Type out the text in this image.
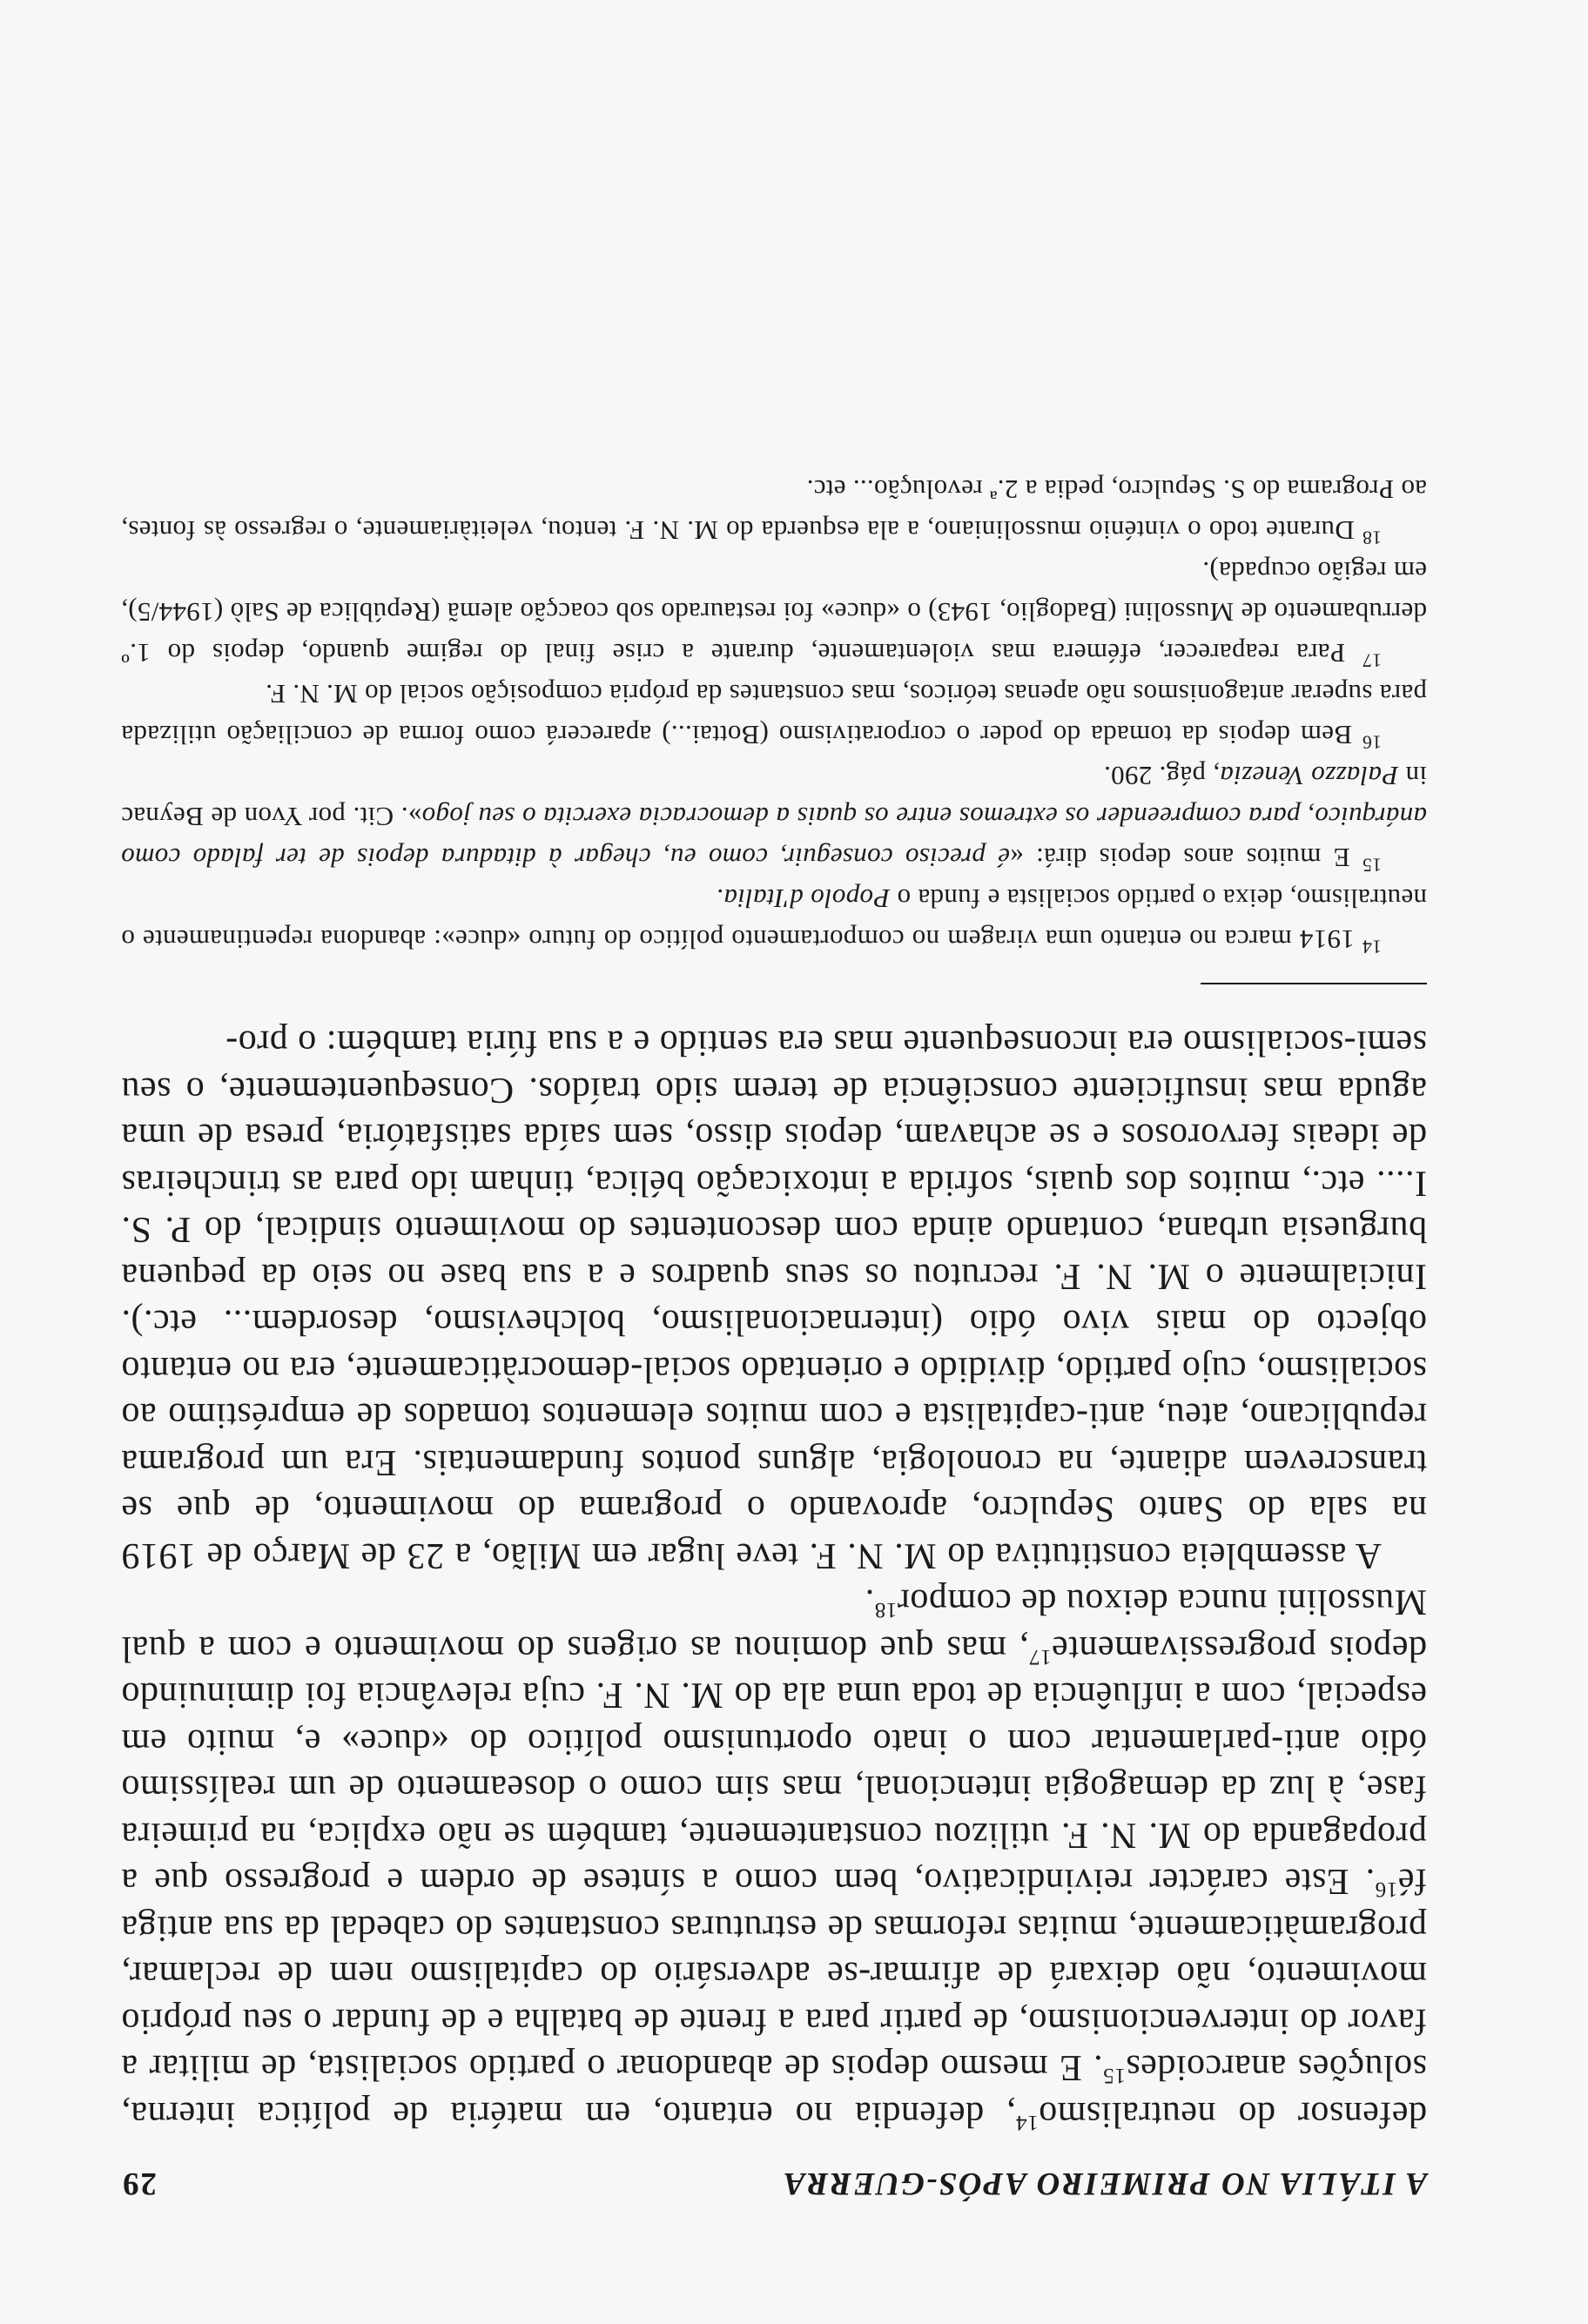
A ITÁLIA NO PRIMEIRO APÓS-GUERRA
29

defensor do neutralismo$^{14}$, defendia no entanto, em matéria de política interna, soluções anarcoides$^{15}$. E mesmo depois de abandonar o partido socialista, de militar a favor do intervencionismo, de partir para a frente de batalha e de fundar o seu próprio movimento, não deixará de afirmar-se adversário do capitalismo nem de reclamar, programàticamente, muitas reformas de estruturas constantes do cabedal da sua antiga $fé^{16}$. Este carácter reivindicativo, bem como a síntese de ordem e progresso que a propaganda do M. N. F. utilizou constantemente, também se não explica, na primeira fase, à luz da demagogia intencional, mas sim como o doseamento de um realíssimo ódio anti-parlamentar com o inato oportunismo político do «duce» e, muito em especial, com a influência de toda uma ala do M. N. F. cuja relevância foi diminuindo depois progressivamente$^{17}$, mas que dominou as origens do movimento e com a qual Mussolini nunca deixou de compor$^{18}$.

A assembleia constitutiva do M. N. F. teve lugar em Milão, a 23 de Março de 1919 na sala do Santo Sepulcro, aprovando o programa do movimento, de que se transcrevem adiante, na cronologia, alguns pontos fundamentais. Era um programa republicano, ateu, anti-capitalista e com muitos elementos tomados de empréstimo ao socialismo, cujo partido, dividido e orientado social-democràticamente, era no entanto objecto do mais vivo ódio (internacionalismo, bolchevismo, desordem... etc.). Inicialmente o M. N. F. recrutou os seus quadros e a sua base no seio da pequena burguesia urbana, contando ainda com descontentes do movimento sindical, do P. S. I.... etc., muitos dos quais, sofrida a intoxicação bélica, tinham ido para as trincheiras de ideais fervorosos e se achavam, depois disso, sem saída satisfatória, presa de uma aguda mas insuficiente consciência de terem sido traídos. Consequentemente, o seu semi-socialismo era inconsequente mas era sentido e a sua fúria também: o pro-

$^{14}$ 1914 marca no entanto uma viragem no comportamento político do futuro «duce»: abandona repentinamente o neutralismo, deixa o partido socialista e funda o Popolo d'Italia.

$^{15}$ E muitos anos depois dirá: «é preciso conseguir, como eu, chegar à ditadura depois de ter falado como anárquico, para compreender os extremos entre os quais a democracia exercita o seu jogo». Cit. por Yvon de Beynac in Palazzo Venezia, pág. 290.

$^{16}$ Bem depois da tomada do poder o corporativismo (Bottai...) aparecerá como forma de conciliação utilizada para superar antagonismos não apenas teóricos, mas constantes da própria composição social do M. N. F.

$^{17}$ Para reaparecer, efémera mas violentamente, durante a crise final do regime quando, depois do 1.º derrubamento de Mussolini (Badoglio, 1943) o «duce» foi restaurado sob coacção alemã (República de Salò (1944/5), em região ocupada).

$^{18}$ Durante todo o vinténio mussoliniano, a ala esquerda do M. N. F. tentou, veleitàriamente, o regresso às fontes, ao Programa do S. Sepulcro, pedia a 2.ª revolução... etc.
